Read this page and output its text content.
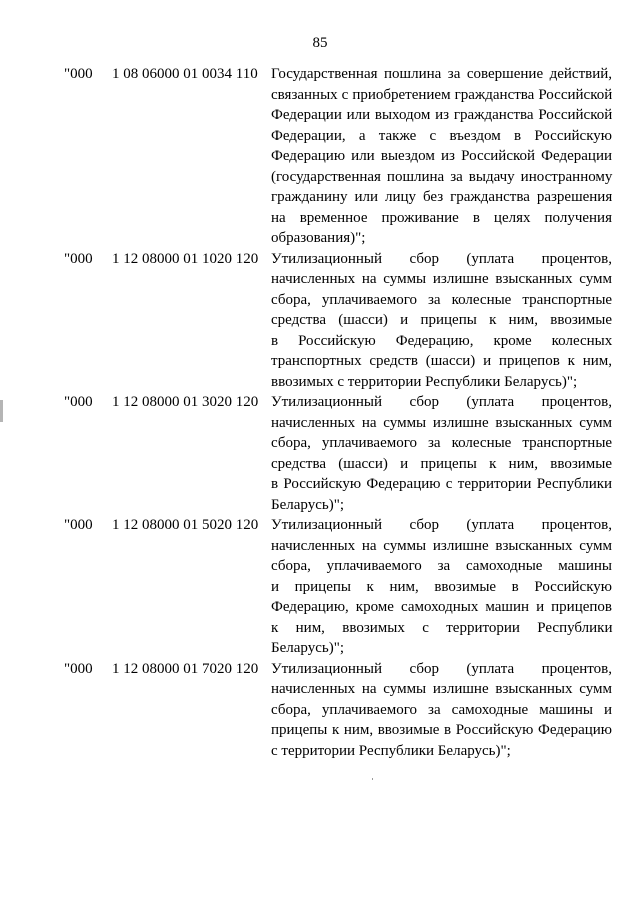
85
"000 1 08 06000 01 0034 110 Государственная пошлина за совершение действий,
связанных с приобретением гражданства Российской
Федерации или выходом из гражданства Российской
Федерации, а также с въездом в Российскую
Федерацию или выездом из Российской Федерации
(государственная пошлина за выдачу иностранному
гражданину или лицу без гражданства разрешения
на временное проживание в целях получения
образования)";
"000 1 12 08000 01 1020 120 Утилизационный сбор (уплата процентов,
начисленных на суммы излишне взысканных сумм
сбора, уплачиваемого за колесные транспортные
средства (шасси) и прицепы к ним, ввозимые
в Российскую Федерацию, кроме колесных
транспортных средств (шасси) и прицепов к ним,
ввозимых с территории Республики Беларусь)";
"000 1 12 08000 01 3020 120 Утилизационный сбор (уплата процентов,
начисленных на суммы излишне взысканных сумм
сбора, уплачиваемого за колесные транспортные
средства (шасси) и прицепы к ним, ввозимые
в Российскую Федерацию с территории Республики
Беларусь)";
"000 1 12 08000 01 5020 120 Утилизационный сбор (уплата процентов,
начисленных на суммы излишне взысканных сумм
сбора, уплачиваемого за самоходные машины
и прицепы к ним, ввозимые в Российскую
Федерацию, кроме самоходных машин и прицепов
к ним, ввозимых с территории Республики
Беларусь)";
"000 1 12 08000 01 7020 120 Утилизационный сбор (уплата процентов,
начисленных на суммы излишне взысканных сумм
сбора, уплачиваемого за самоходные машины и
прицепы к ним, ввозимые в Российскую Федерацию
с территории Республики Беларусь)";
